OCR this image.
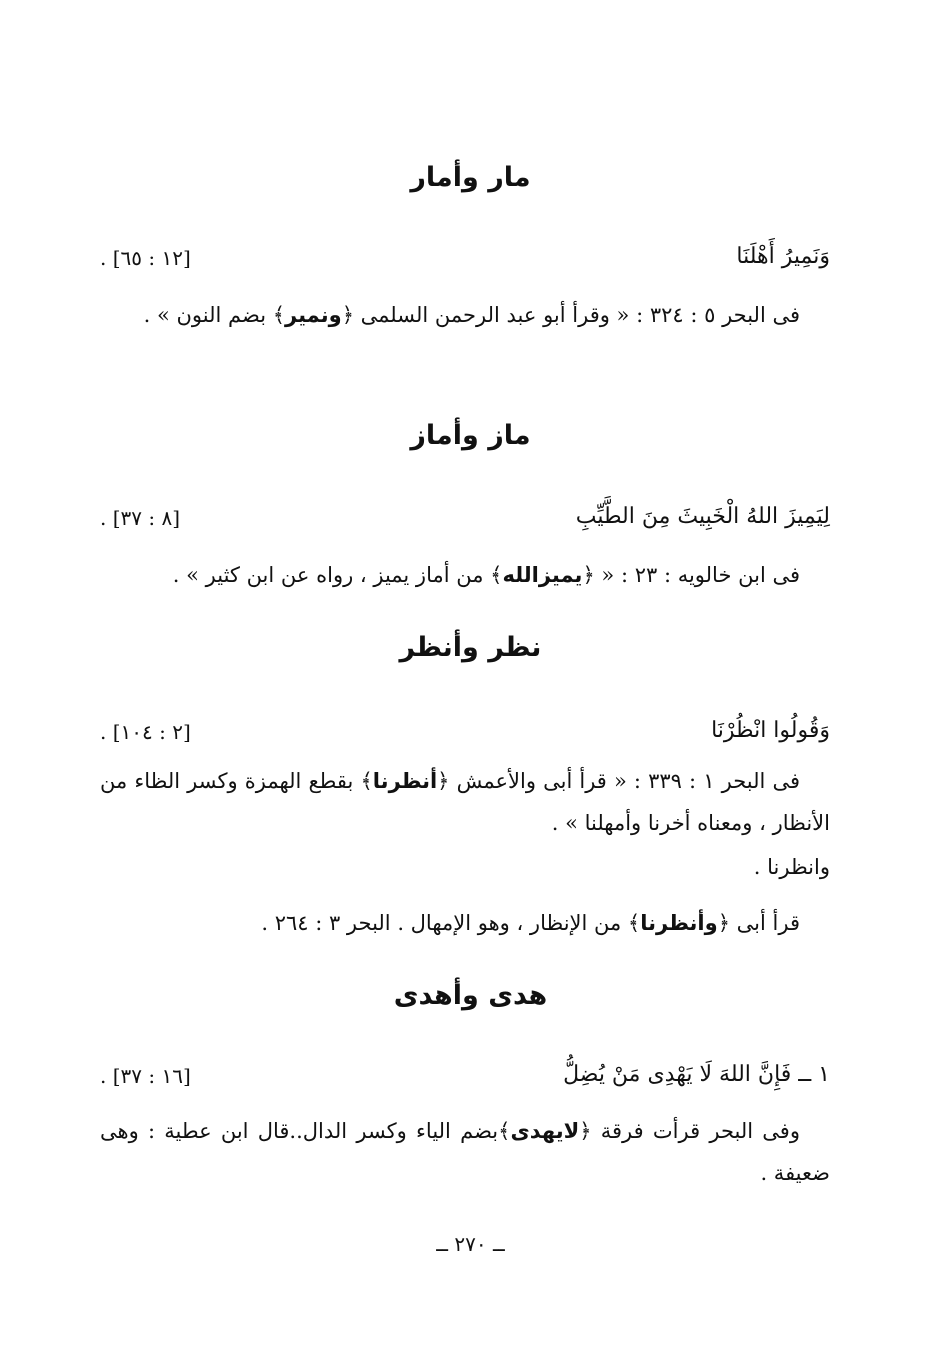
مار وأمار
وَنَمِيرُ أَهْلَنَا
[١٢ : ٦٥] .
فى البحر ٥ : ٣٢٤ : « وقرأ أبو عبد الرحمن السلمى ﴿ونمير﴾ بضم النون » .
ماز وأماز
لِيَمِيزَ اللهُ الْخَبِيثَ مِنَ الطَّيِّبِ
[٨ : ٣٧] .
فى ابن خالويه : ٢٣ : « ﴿يميزالله﴾ من أماز يميز ، رواه عن ابن كثير » .
نظر وأنظر
وَقُولُوا انْظُرْنَا
[٢ : ١٠٤] .
فى البحر ١ : ٣٣٩ : « قرأ أبى والأعمش ﴿أنظرنا﴾ بقطع الهمزة وكسر الظاء من الأنظار ، ومعناه أخرنا وأمهلنا » .
وانظرنا .
قرأ أبى ﴿وأنظرنا﴾ من الإنظار ، وهو الإمهال . البحر ٣ : ٢٦٤ .
هدى وأهدى
١ ــ فَإِنَّ اللهَ لَا يَهْدِى مَنْ يُضِلُّ
[١٦ : ٣٧] .
وفى البحر قرأت فرقة ﴿لايهدى﴾بضم الياء وكسر الدال..قال ابن عطية : وهى ضعيفة .
ــ ٢٧٠ ــ
